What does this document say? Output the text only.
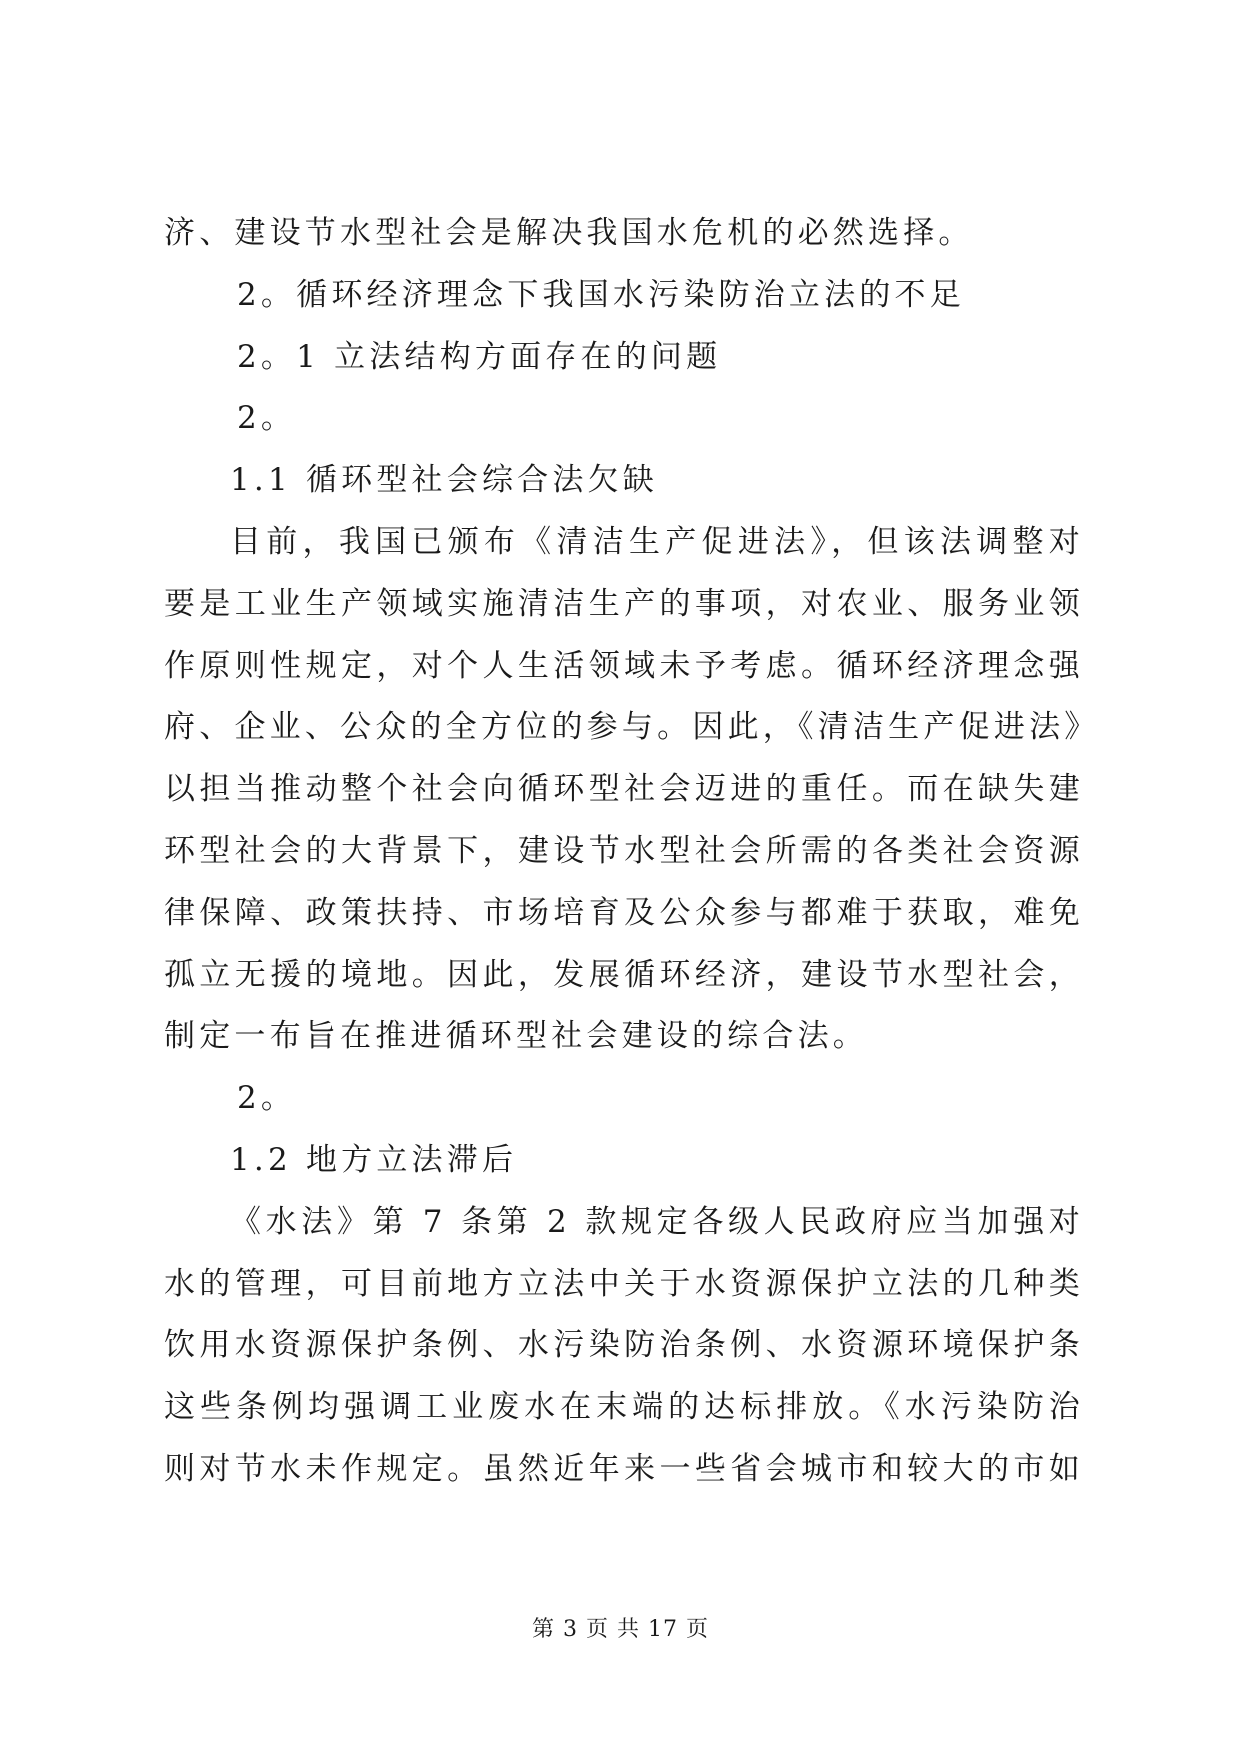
济、建设节水型社会是解决我国水危机的必然选择。
2。循环经济理念下我国水污染防治立法的不足
2。1 立法结构方面存在的问题
2。
1.1 循环型社会综合法欠缺
目前，我国已颁布《清洁生产促进法》，但该法调整对
要是工业生产领域实施清洁生产的事项，对农业、服务业领
作原则性规定，对个人生活领域未予考虑。循环经济理念强
府、企业、公众的全方位的参与。因此，《清洁生产促进法》
以担当推动整个社会向循环型社会迈进的重任。而在缺失建
环型社会的大背景下，建设节水型社会所需的各类社会资源
律保障、政策扶持、市场培育及公众参与都难于获取，难免
孤立无援的境地。因此，发展循环经济，建设节水型社会，
制定一布旨在推进循环型社会建设的综合法。
2。
1.2 地方立法滞后
《水法》第 7 条第 2 款规定各级人民政府应当加强对
水的管理，可目前地方立法中关于水资源保护立法的几种类
饮用水资源保护条例、水污染防治条例、水资源环境保护条
这些条例均强调工业废水在末端的达标排放。《水污染防治
则对节水未作规定。虽然近年来一些省会城市和较大的市如
第 3 页 共 17 页
